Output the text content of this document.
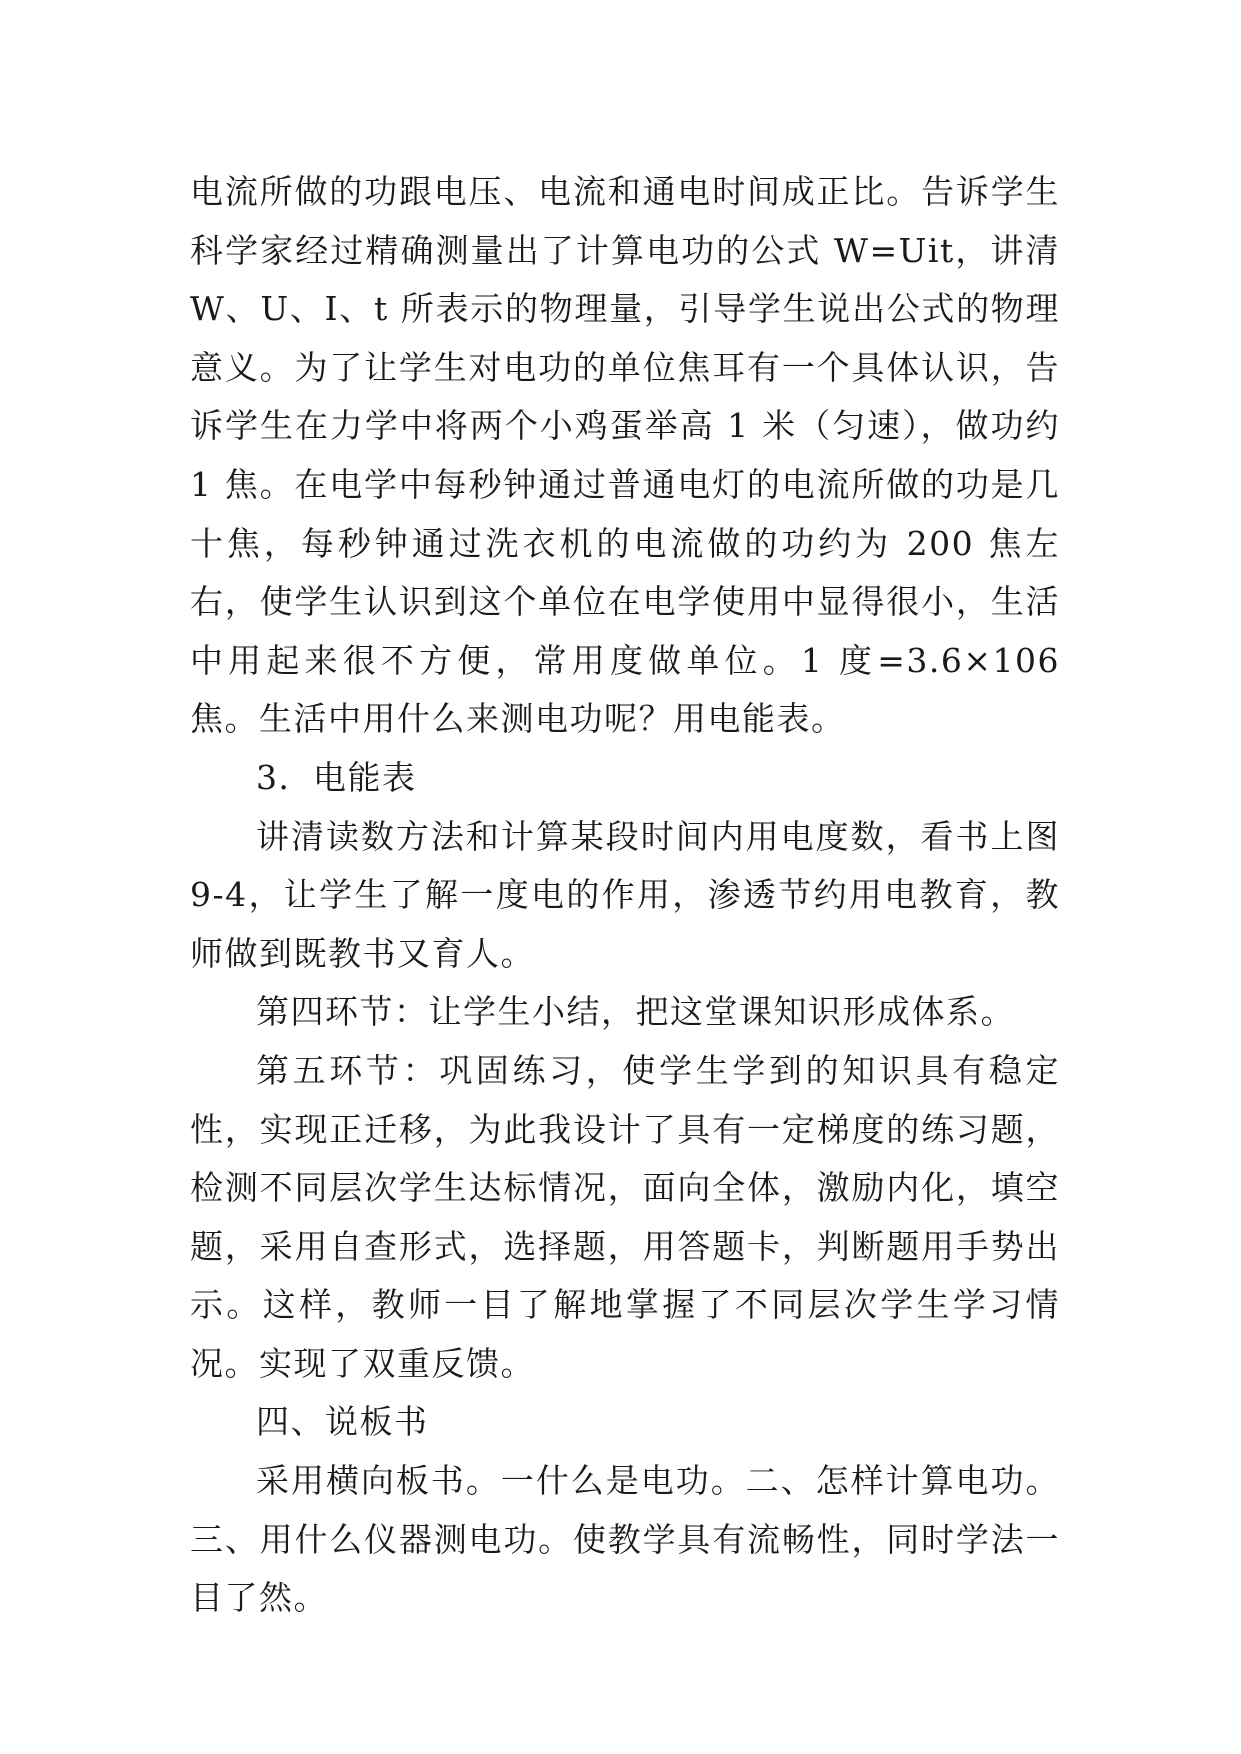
电流所做的功跟电压、电流和通电时间成正比。告诉学生科学家经过精确测量出了计算电功的公式 W=Uit，讲清 W、U、I、t 所表示的物理量，引导学生说出公式的物理意义。为了让学生对电功的单位焦耳有一个具体认识，告诉学生在力学中将两个小鸡蛋举高 1 米（匀速），做功约 1 焦。在电学中每秒钟通过普通电灯的电流所做的功是几十焦，每秒钟通过洗衣机的电流做的功约为 200 焦左右，使学生认识到这个单位在电学使用中显得很小，生活中用起来很不方便，常用度做单位。1 度=3.6×106 焦。生活中用什么来测电功呢？用电能表。

3．电能表

讲清读数方法和计算某段时间内用电度数，看书上图 9-4，让学生了解一度电的作用，渗透节约用电教育，教师做到既教书又育人。

第四环节：让学生小结，把这堂课知识形成体系。

第五环节：巩固练习，使学生学到的知识具有稳定性，实现正迁移，为此我设计了具有一定梯度的练习题，检测不同层次学生达标情况，面向全体，激励内化，填空题，采用自查形式，选择题，用答题卡，判断题用手势出示。这样，教师一目了解地掌握了不同层次学生学习情况。实现了双重反馈。

四、说板书

采用横向板书。一什么是电功。二、怎样计算电功。三、用什么仪器测电功。使教学具有流畅性，同时学法一目了然。
